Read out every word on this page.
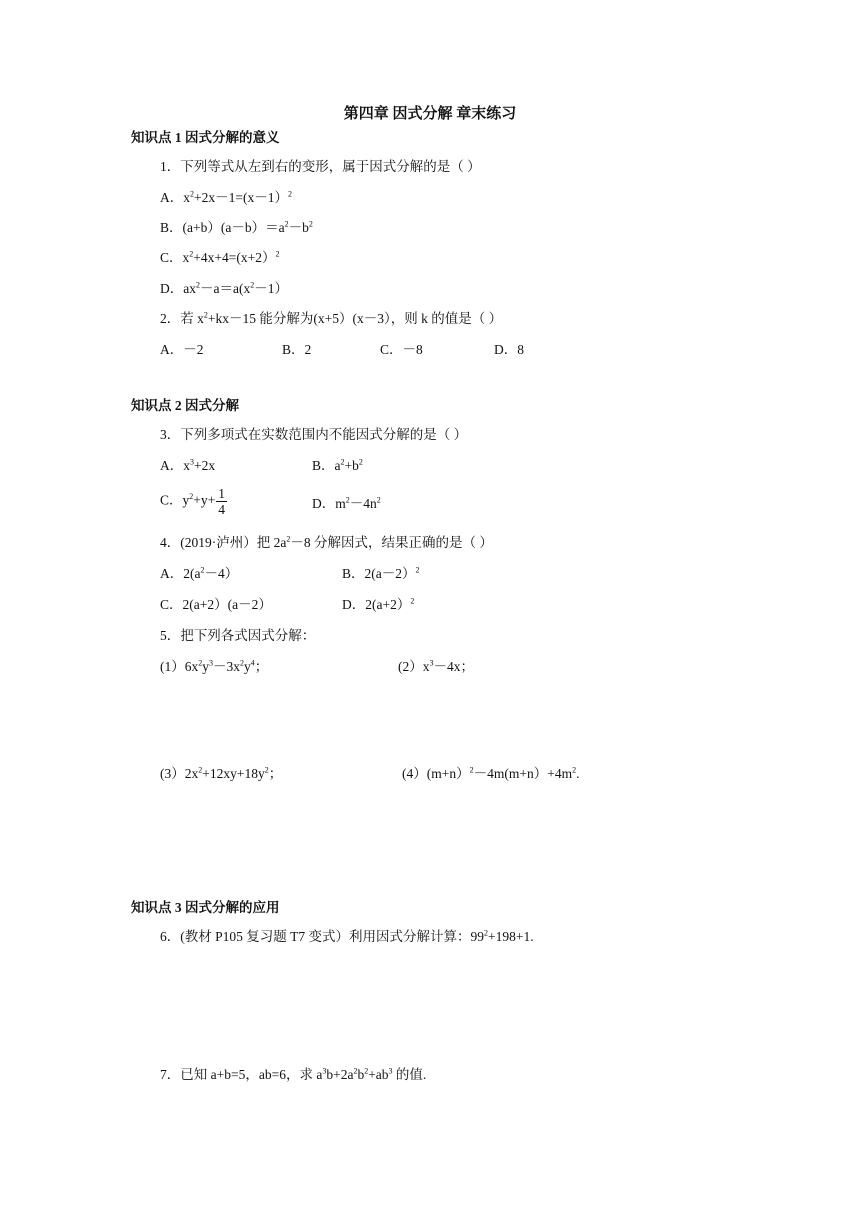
第四章 因式分解 章末练习
知识点 1 因式分解的意义
1．下列等式从左到右的变形，属于因式分解的是（ ）
A．$x^2+2x-1=(x-1)^2$
B．$(a+b)(a-b)=a^2-b^2$
C．$x^2+4x+4=(x+2)^2$
D．$ax^2-a=a(x^2-1)$
2．若 $x^2+kx-15$ 能分解为(x+5）(x－3），则 k 的值是（ ）
A．－2	B．2	C．－8	D．8
知识点 2 因式分解
3．下列多项式在实数范围内不能因式分解的是（ ）
A．$x^3+2x$	B．$a^2+b^2$
C．$y^2+y+ \frac{1}{4}$	D．$m^2-4n^2$
4．(2019·泸州）把 $2a^2-8$ 分解因式，结果正确的是（ ）
A．$2(a^2-4)$	B．2(a－2）$^2$
C．2(a+2）(a－2）	D．2(a+2）$^2$
5．把下列各式因式分解：
$(1)6x^2y^3-3x^2y^4$；	$(2)x^3-4x$；
$(3)2x^2+12xy+18y^2$；	$(4)(m+n)^2-4m(m+n)+4m^2$.
知识点 3 因式分解的应用
6．(教材 P105 复习题 T7 变式）利用因式分解计算：$99^2+198+1$.
7．已知 a+b=5，ab=6，求 $a^3b+2a^2b^2+ab^3$ 的值.
